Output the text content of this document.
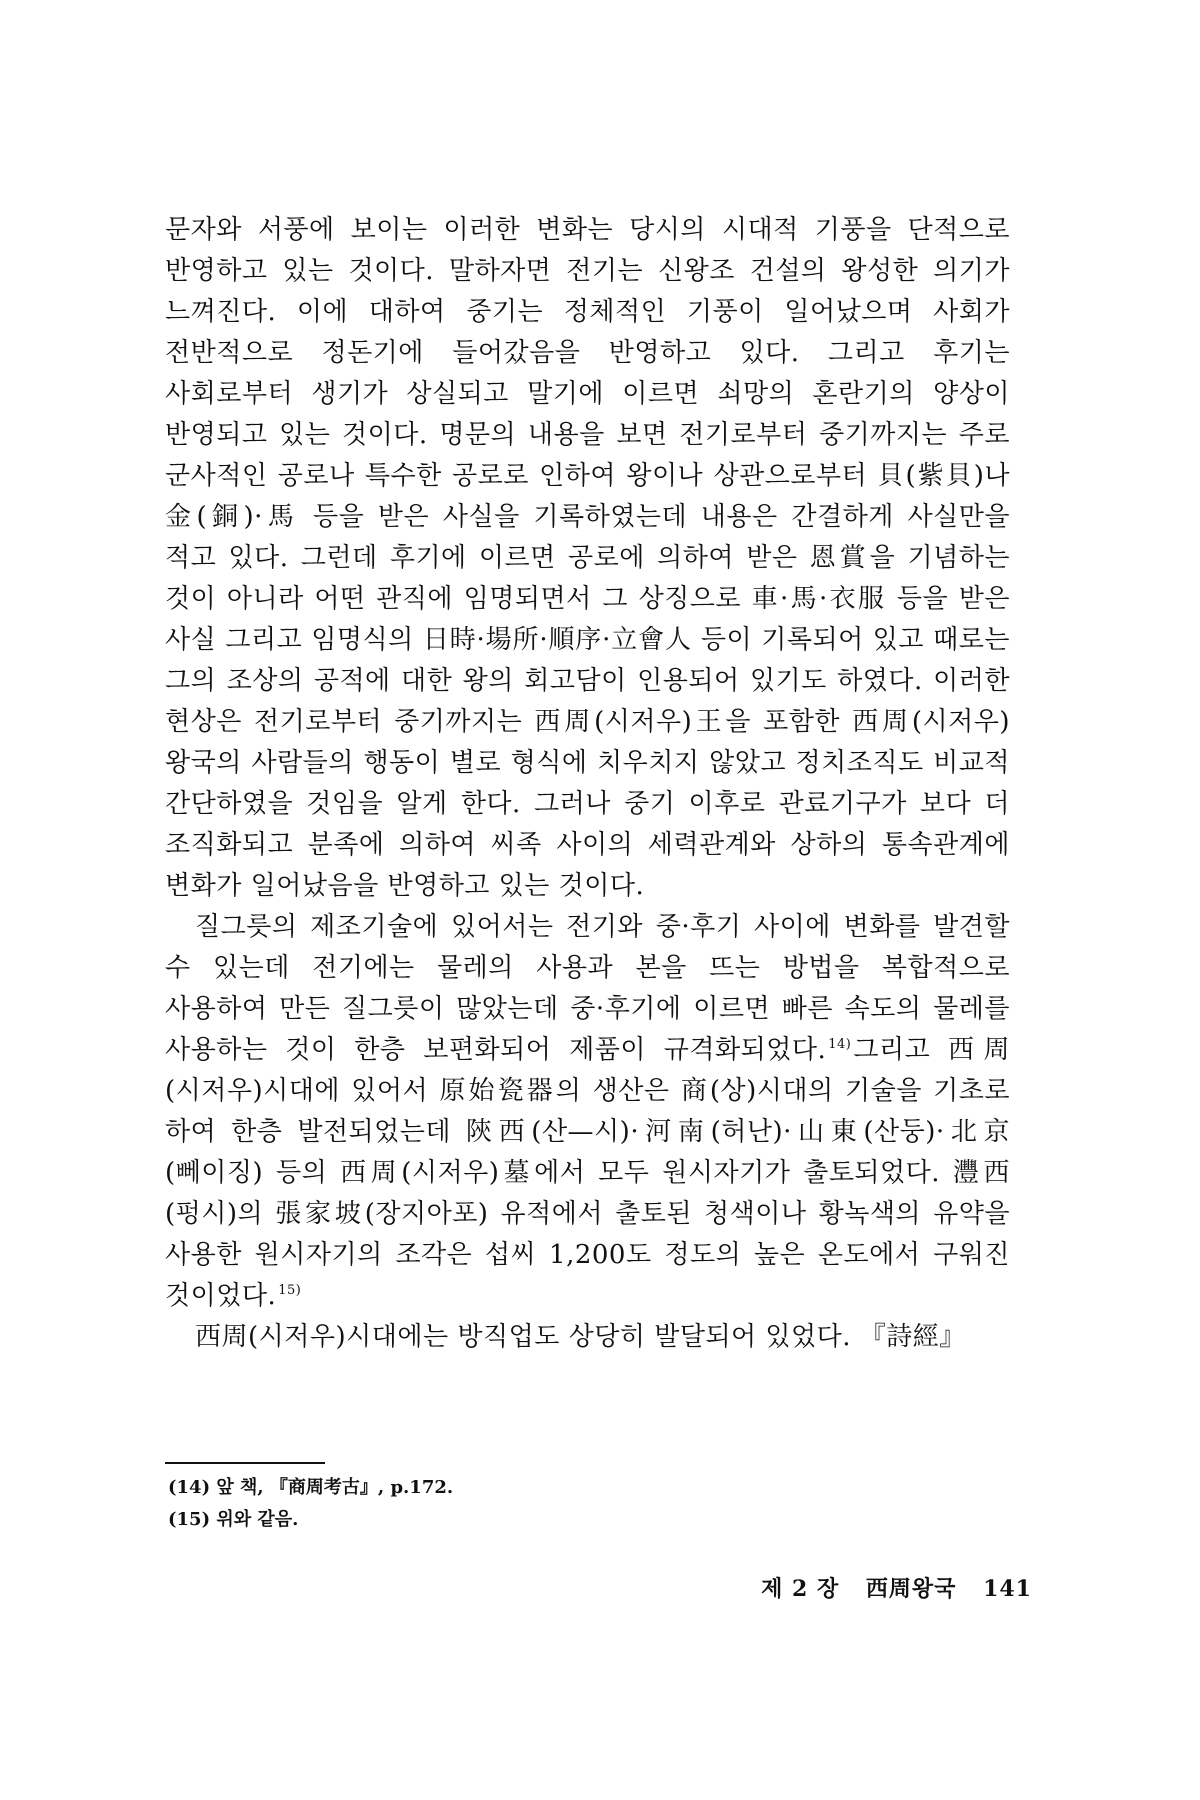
문자와 서풍에 보이는 이러한 변화는 당시의 시대적 기풍을 단적으로 반영하고 있는 것이다. 말하자면 전기는 신왕조 건설의 왕성한 의기가 느껴진다. 이에 대하여 중기는 정체적인 기풍이 일어났으며 사회가 전반적으로 정돈기에 들어갔음을 반영하고 있다. 그리고 후기는 사회로부터 생기가 상실되고 말기에 이르면 쇠망의 혼란기의 양상이 반영되고 있는 것이다. 명문의 내용을 보면 전기로부터 중기까지는 주로 군사적인 공로나 특수한 공로로 인하여 왕이나 상관으로부터 貝(紫貝)나 金(銅)·馬 등을 받은 사실을 기록하였는데 내용은 간결하게 사실만을 적고 있다. 그런데 후기에 이르면 공로에 의하여 받은 恩賞을 기념하는 것이 아니라 어떤 관직에 임명되면서 그 상징으로 車·馬·衣服 등을 받은 사실 그리고 임명식의 日時·場所·順序·立會人 등이 기록되어 있고 때로는 그의 조상의 공적에 대한 왕의 회고담이 인용되어 있기도 하였다. 이러한 현상은 전기로부터 중기까지는 西周(시저우)王을 포함한 西周(시저우)왕국의 사람들의 행동이 별로 형식에 치우치지 않았고 정치조직도 비교적 간단하였을 것임을 알게 한다. 그러나 중기 이후로 관료기구가 보다 더 조직화되고 분족에 의하여 씨족 사이의 세력관계와 상하의 통속관계에 변화가 일어났음을 반영하고 있는 것이다.

질그릇의 제조기술에 있어서는 전기와 중·후기 사이에 변화를 발견할 수 있는데 전기에는 물레의 사용과 본을 뜨는 방법을 복합적으로 사용하여 만든 질그릇이 많았는데 중·후기에 이르면 빠른 속도의 물레를 사용하는 것이 한층 보편화되어 제품이 규격화되었다. $^{14)}$그리고 西周(시저우)시대에 있어서 原始瓷器의 생산은 商(상)시대의 기술을 기초로 하여 한층 발전되었는데 陝西(산—시)·河南(허난)·山東(산둥)·北京(뻬이징) 등의 西周(시저우)墓에서 모두 원시자기가 출토되었다. 灃西(펑시)의 張家坡(장지아포) 유적에서 출토된 청색이나 황녹색의 유약을 사용한 원시자기의 조각은 섭씨 1,200도 정도의 높은 온도에서 구워진 것이었다. $^{15)}$

西周(시저우)시대에는 방직업도 상당히 발달되어 있었다. 『詩經』

(14) 앞 책, 『商周考古』, p.172.

(15) 위와 같음.

제 2 장 西周왕국 141
